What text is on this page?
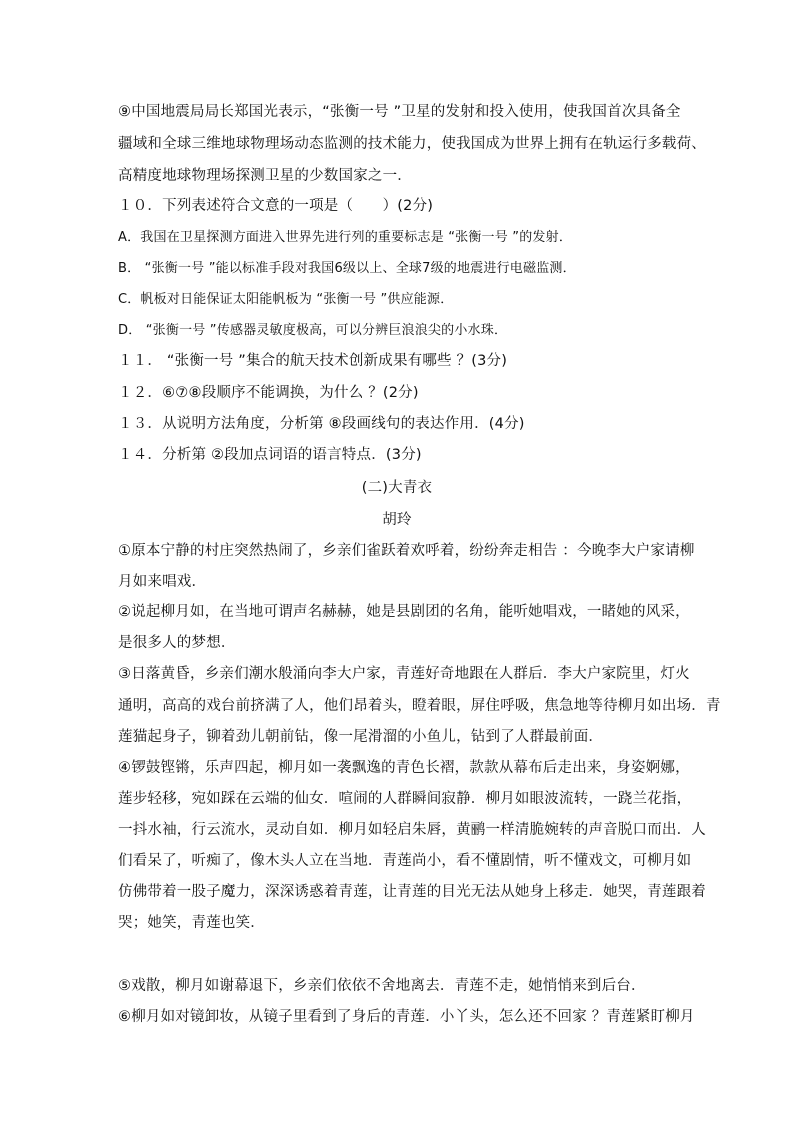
⑨中国地震局局长郑国光表示，“张衡一号 ”卫星的发射和投入使用，使我国首次具备全
疆域和全球三维地球物理场动态监测的技术能力，使我国成为世界上拥有在轨运行多载荷、
高精度地球物理场探测卫星的少数国家之一．
１０．下列表述符合文意的一项是（　　）(2分)
A．我国在卫星探测方面进入世界先进行列的重要标志是 “张衡一号 ”的发射．
B． “张衡一号 ”能以标准手段对我国6级以上、全球7级的地震进行电磁监测．
C．帆板对日能保证太阳能帆板为 “张衡一号 ”供应能源．
D． “张衡一号 ”传感器灵敏度极高，可以分辨巨浪浪尖的小水珠．
１１． “张衡一号 ”集合的航天技术创新成果有哪些 ？(3分)
１２．⑥⑦⑧段顺序不能调换，为什么 ？(2分)
１３．从说明方法角度，分析第 ⑧段画线句的表达作用．(4分)
１４．分析第 ②段加点词语的语言特点．(3分)
(二)大青衣
胡玲
①原本宁静的村庄突然热闹了，乡亲们雀跃着欢呼着，纷纷奔走相告 ：今晚李大户家请柳
月如来唱戏．
②说起柳月如，在当地可谓声名赫赫，她是县剧团的名角，能听她唱戏，一睹她的风采，
是很多人的梦想．
③日落黄昏，乡亲们潮水般涌向李大户家，青莲好奇地跟在人群后．李大户家院里，灯火
通明，高高的戏台前挤满了人，他们昂着头，瞪着眼，屏住呼吸，焦急地等待柳月如出场．青
莲猫起身子，铆着劲儿朝前钻，像一尾滑溜的小鱼儿，钻到了人群最前面．
④锣鼓铿锵，乐声四起，柳月如一袭飘逸的青色长褶，款款从幕布后走出来，身姿婀娜，
莲步轻移，宛如踩在云端的仙女．喧闹的人群瞬间寂静．柳月如眼波流转，一跷兰花指，
一抖水袖，行云流水，灵动自如．柳月如轻启朱唇，黄鹂一样清脆婉转的声音脱口而出．人
们看呆了，听痴了，像木头人立在当地．青莲尚小，看不懂剧情，听不懂戏文，可柳月如
仿佛带着一股子魔力，深深诱惑着青莲，让青莲的目光无法从她身上移走．她哭，青莲跟着
哭；她笑，青莲也笑．
⑤戏散，柳月如谢幕退下，乡亲们依依不舍地离去．青莲不走，她悄悄来到后台．
⑥柳月如对镜卸妆，从镜子里看到了身后的青莲．小丫头，怎么还不回家 ？青莲紧盯柳月
